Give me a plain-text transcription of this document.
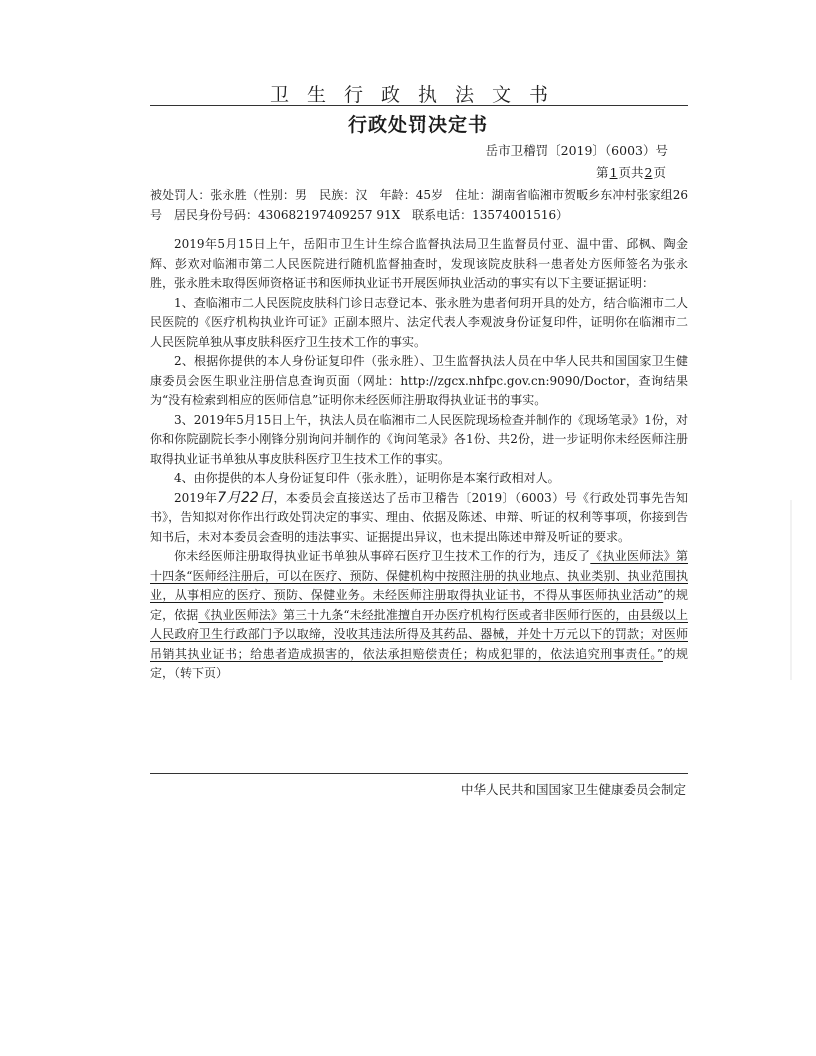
卫生行政执法文书
行政处罚决定书
岳市卫稽罚〔2019〕（6003）号
第1页共2页

被处罚人：张永胜（性别：男　民族：汉　年龄：45岁　住址：湖南省临湘市贺畈乡东冲村张家组26号　居民身份号码：430682197409257 91X　联系电话：13574001516）

2019年5月15日上午，岳阳市卫生计生综合监督执法局卫生监督员付亚、温中雷、邱枫、陶金辉、彭欢对临湘市第二人民医院进行随机监督抽查时，发现该院皮肤科一患者处方医师签名为张永胜，张永胜未取得医师资格证书和医师执业证书开展医师执业活动的事实有以下主要证据证明：

1、查临湘市二人民医院皮肤科门诊日志登记本、张永胜为患者何玥开具的处方，结合临湘市二人民医院的《医疗机构执业许可证》正副本照片、法定代表人李观波身份证复印件，证明你在临湘市二人民医院单独从事皮肤科医疗卫生技术工作的事实。

2、根据你提供的本人身份证复印件（张永胜）、卫生监督执法人员在中华人民共和国国家卫生健康委员会医生职业注册信息查询页面（网址：http://zgcx.nhfpc.gov.cn:9090/Doctor，查询结果为“没有检索到相应的医师信息”证明你未经医师注册取得执业证书的事实。

3、2019年5月15日上午，执法人员在临湘市二人民医院现场检查并制作的《现场笔录》1份，对你和你院副院长李小刚锋分别询问并制作的《询问笔录》各1份、共2份，进一步证明你未经医师注册取得执业证书单独从事皮肤科医疗卫生技术工作的事实。

4、由你提供的本人身份证复印件（张永胜），证明你是本案行政相对人。

2019年7月22日，本委员会直接送达了岳市卫稽告〔2019〕（6003）号《行政处罚事先告知书》，告知拟对你作出行政处罚决定的事实、理由、依据及陈述、申辩、听证的权利等事项，你接到告知书后，未对本委员会查明的违法事实、证据提出异议，也未提出陈述申辩及听证的要求。

你未经医师注册取得执业证书单独从事碎石医疗卫生技术工作的行为，违反了《执业医师法》第十四条“医师经注册后，可以在医疗、预防、保健机构中按照注册的执业地点、执业类别、执业范围执业，从事相应的医疗、预防、保健业务。未经医师注册取得执业证书，不得从事医师执业活动”的规定，依据《执业医师法》第三十九条“未经批准擅自开办医疗机构行医或者非医师行医的，由县级以上人民政府卫生行政部门予以取缔，没收其违法所得及其药品、器械，并处十万元以下的罚款；对医师吊销其执业证书；给患者造成损害的，依法承担赔偿责任；构成犯罪的，依法追究刑事责任。”的规定，（转下页）

中华人民共和国国家卫生健康委员会制定
